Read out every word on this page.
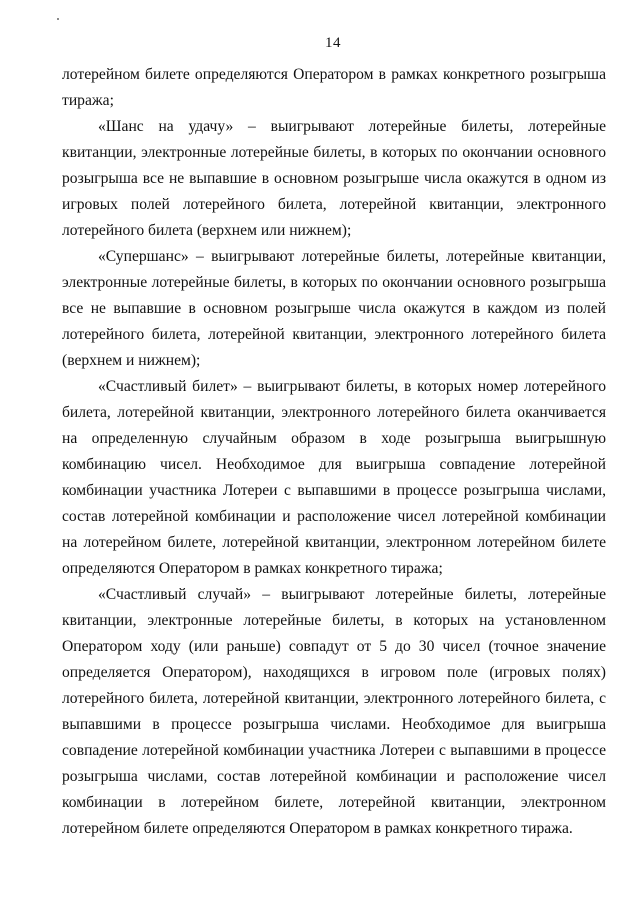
14

лотерейном билете определяются Оператором в рамках конкретного розыгрыша тиража;

«Шанс на удачу» – выигрывают лотерейные билеты, лотерейные квитанции, электронные лотерейные билеты, в которых по окончании основного розыгрыша все не выпавшие в основном розыгрыше числа окажутся в одном из игровых полей лотерейного билета, лотерейной квитанции, электронного лотерейного билета (верхнем или нижнем);

«Супершанс» – выигрывают лотерейные билеты, лотерейные квитанции, электронные лотерейные билеты, в которых по окончании основного розыгрыша все не выпавшие в основном розыгрыше числа окажутся в каждом из полей лотерейного билета, лотерейной квитанции, электронного лотерейного билета (верхнем и нижнем);

«Счастливый билет» – выигрывают билеты, в которых номер лотерейного билета, лотерейной квитанции, электронного лотерейного билета оканчивается на определенную случайным образом в ходе розыгрыша выигрышную комбинацию чисел. Необходимое для выигрыша совпадение лотерейной комбинации участника Лотереи с выпавшими в процессе розыгрыша числами, состав лотерейной комбинации и расположение чисел лотерейной комбинации на лотерейном билете, лотерейной квитанции, электронном лотерейном билете определяются Оператором в рамках конкретного тиража;

«Счастливый случай» – выигрывают лотерейные билеты, лотерейные квитанции, электронные лотерейные билеты, в которых на установленном Оператором ходу (или раньше) совпадут от 5 до 30 чисел (точное значение определяется Оператором), находящихся в игровом поле (игровых полях) лотерейного билета, лотерейной квитанции, электронного лотерейного билета, с выпавшими в процессе розыгрыша числами. Необходимое для выигрыша совпадение лотерейной комбинации участника Лотереи с выпавшими в процессе розыгрыша числами, состав лотерейной комбинации и расположение чисел комбинации в лотерейном билете, лотерейной квитанции, электронном лотерейном билете определяются Оператором в рамках конкретного тиража.
